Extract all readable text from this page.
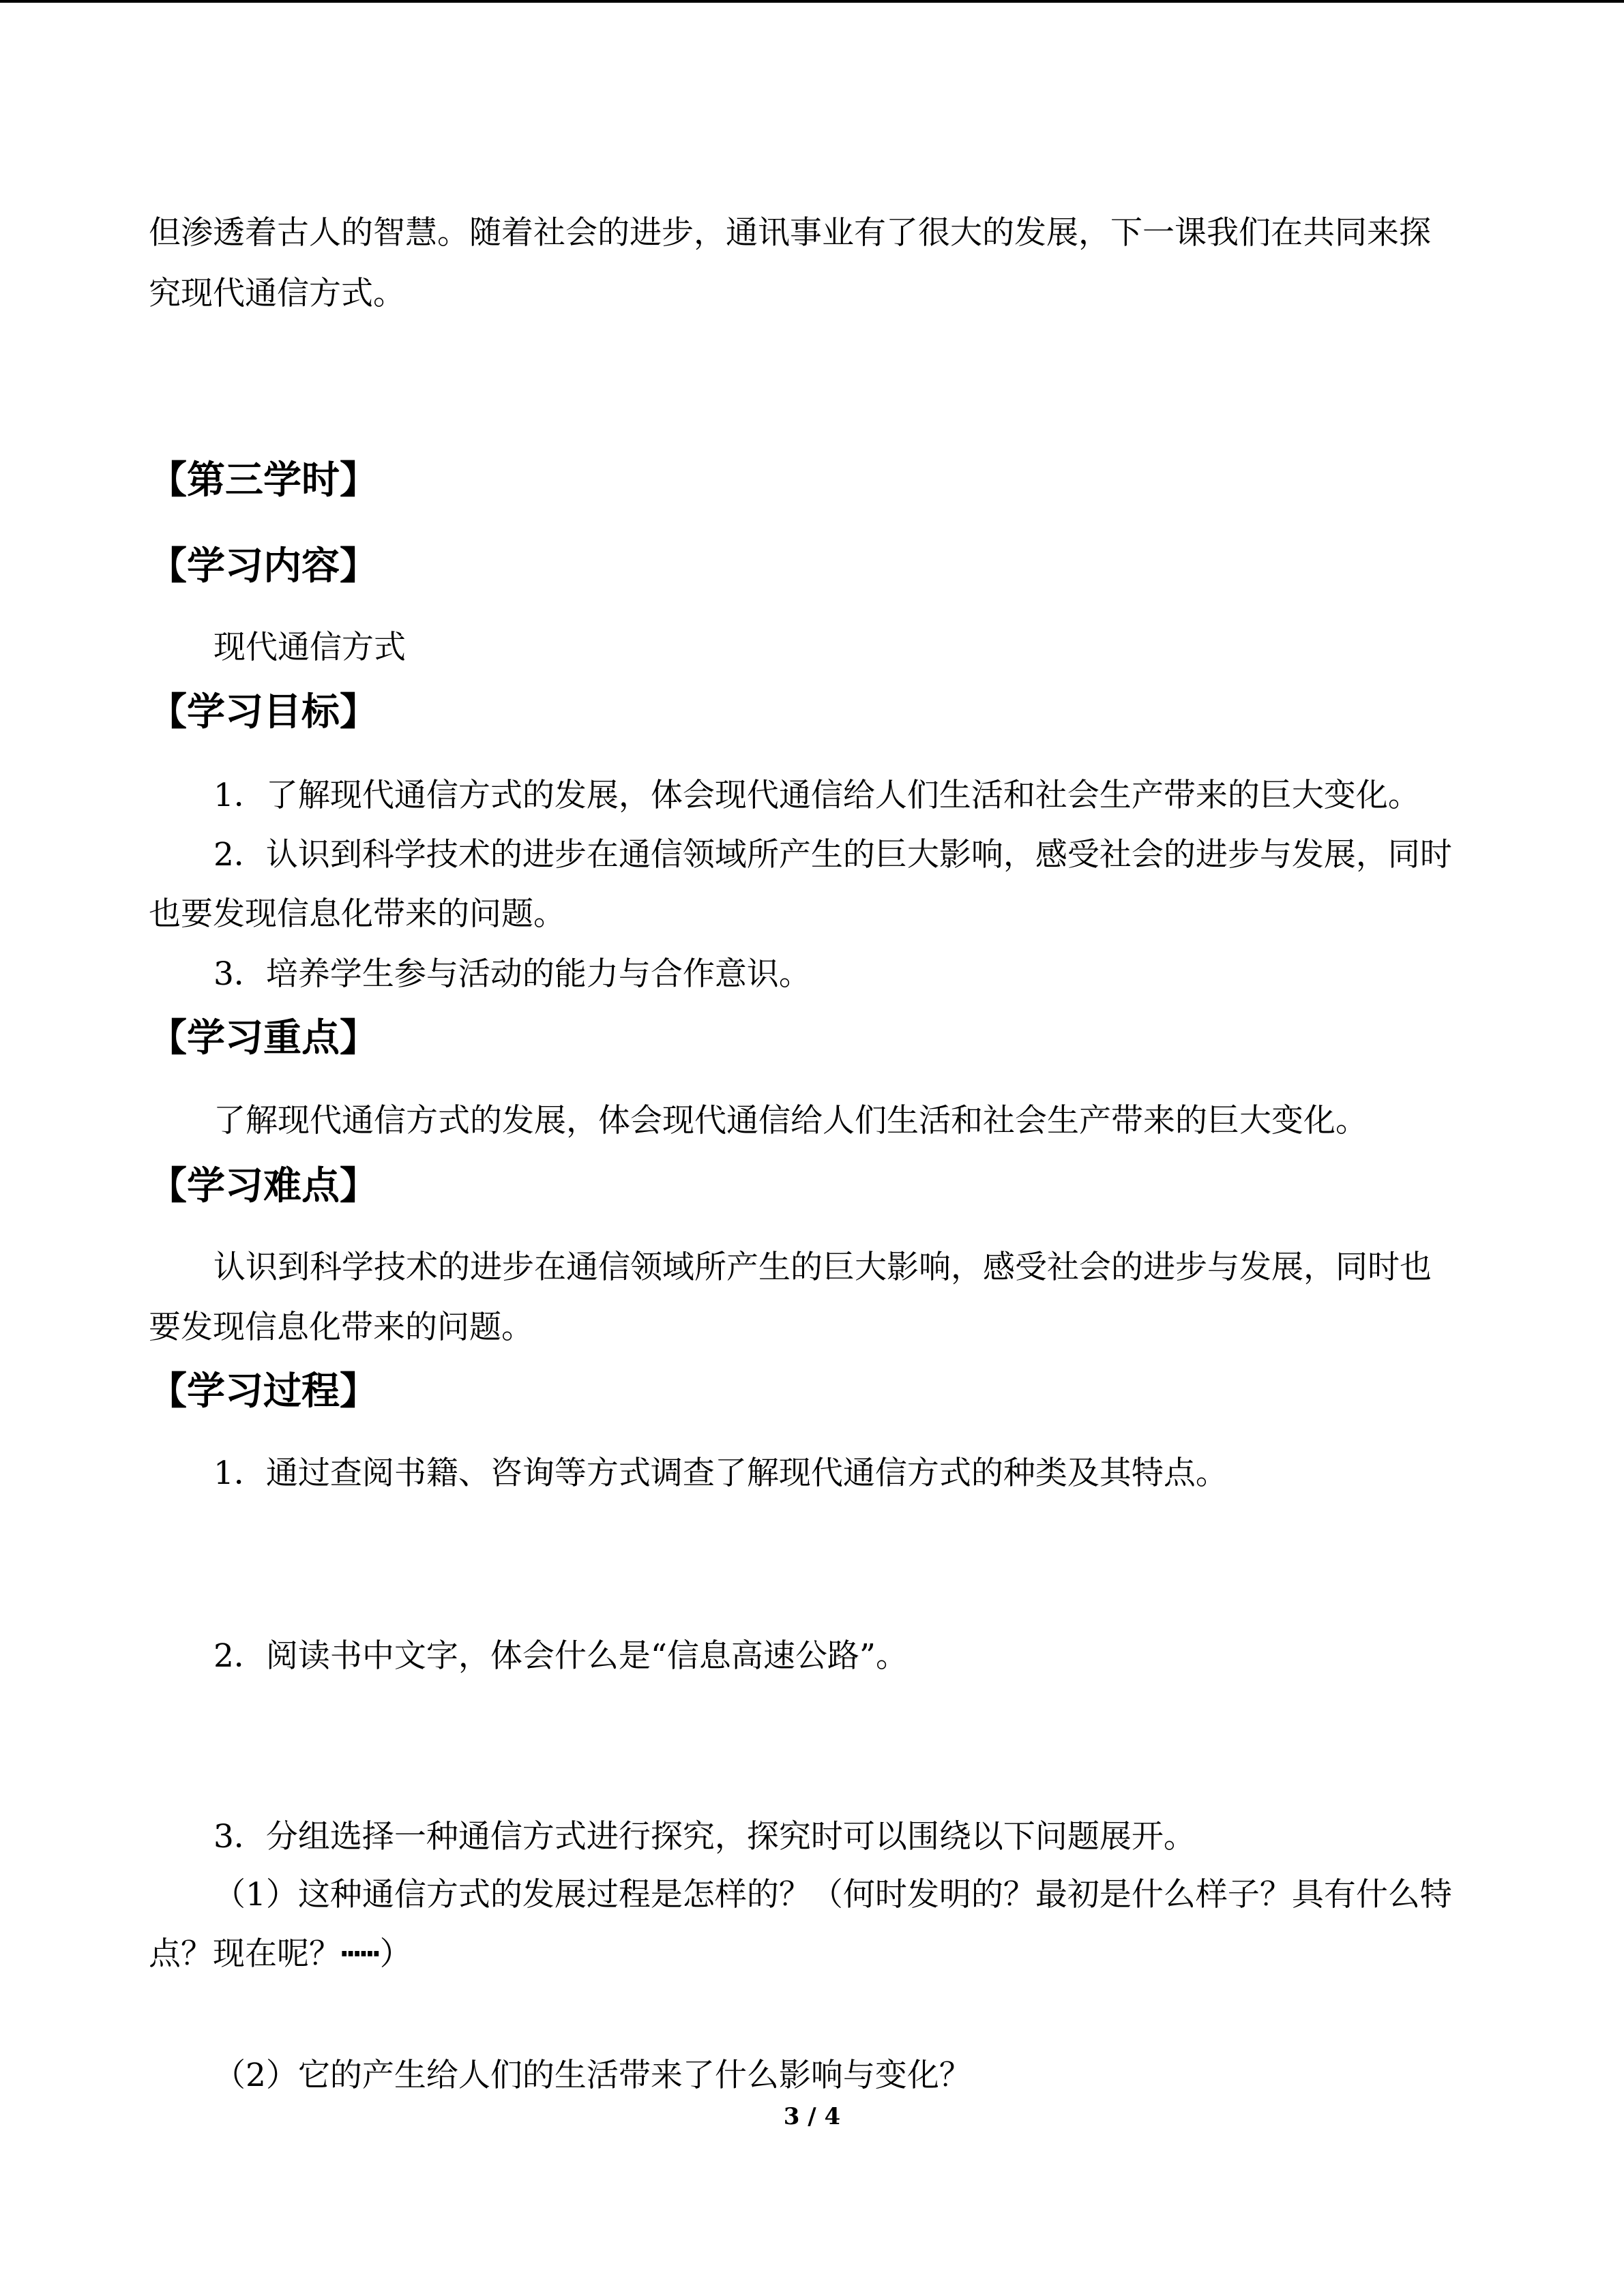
但渗透着古人的智慧。随着社会的进步，通讯事业有了很大的发展，下一课我们在共同来探
究现代通信方式。
【第三学时】
【学习内容】
现代通信方式
【学习目标】
1．了解现代通信方式的发展，体会现代通信给人们生活和社会生产带来的巨大变化。
2．认识到科学技术的进步在通信领域所产生的巨大影响，感受社会的进步与发展，同时
也要发现信息化带来的问题。
3．培养学生参与活动的能力与合作意识。
【学习重点】
了解现代通信方式的发展，体会现代通信给人们生活和社会生产带来的巨大变化。
【学习难点】
认识到科学技术的进步在通信领域所产生的巨大影响，感受社会的进步与发展，同时也
要发现信息化带来的问题。
【学习过程】
1．通过查阅书籍、咨询等方式调查了解现代通信方式的种类及其特点。
2．阅读书中文字，体会什么是“信息高速公路”。
3．分组选择一种通信方式进行探究，探究时可以围绕以下问题展开。
（1）这种通信方式的发展过程是怎样的？（何时发明的？最初是什么样子？具有什么特
点？现在呢？┅┅）
（2）它的产生给人们的生活带来了什么影响与变化？
3 / 4
